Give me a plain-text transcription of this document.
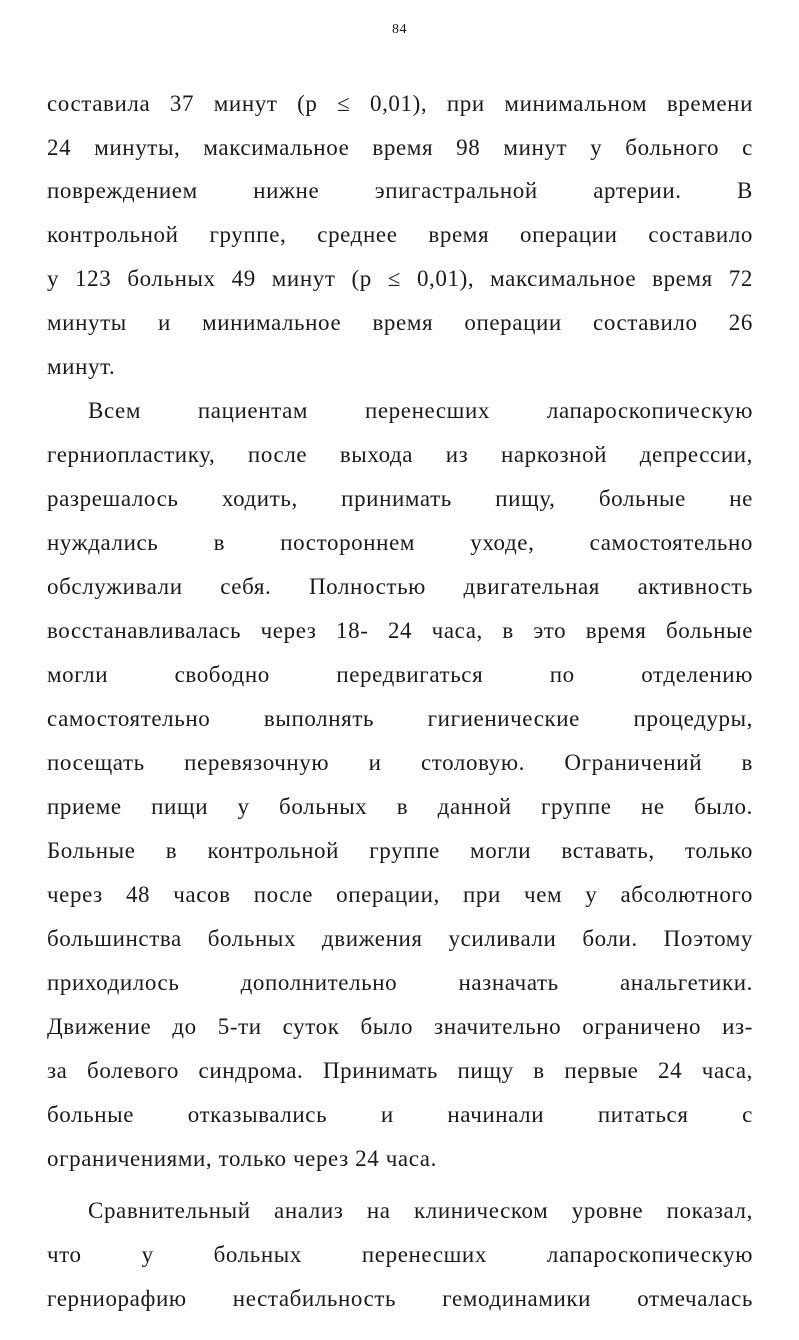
84
составила 37 минут (р ≤ 0,01), при минимальном времени
24 минуты, максимальное время 98 минут у больного с
повреждением нижне эпигастральной артерии. В
контрольной группе, среднее время операции составило
у 123 больных 49 минут (р ≤ 0,01), максимальное время 72
минуты и минимальное время операции составило 26
минут.
Всем пациентам перенесших лапароскопическую
герниопластику, после выхода из наркозной депрессии,
разрешалось ходить, принимать пищу, больные не
нуждались в постороннем уходе, самостоятельно
обслуживали себя. Полностью двигательная активность
восстанавливалась через 18- 24 часа, в это время больные
могли свободно передвигаться по отделению
самостоятельно выполнять гигиенические процедуры,
посещать перевязочную и столовую. Ограничений в
приеме пищи у больных в данной группе не было.
Больные в контрольной группе могли вставать, только
через 48 часов после операции, при чем у абсолютного
большинства больных движения усиливали боли. Поэтому
приходилось дополнительно назначать анальгетики.
Движение до 5-ти суток было значительно ограничено из-
за болевого синдрома. Принимать пищу в первые 24 часа,
больные отказывались и начинали питаться с
ограничениями, только через 24 часа.
Сравнительный анализ на клиническом уровне показал,
что у больных перенесших лапароскопическую
герниорафию нестабильность гемодинамики отмечалась
